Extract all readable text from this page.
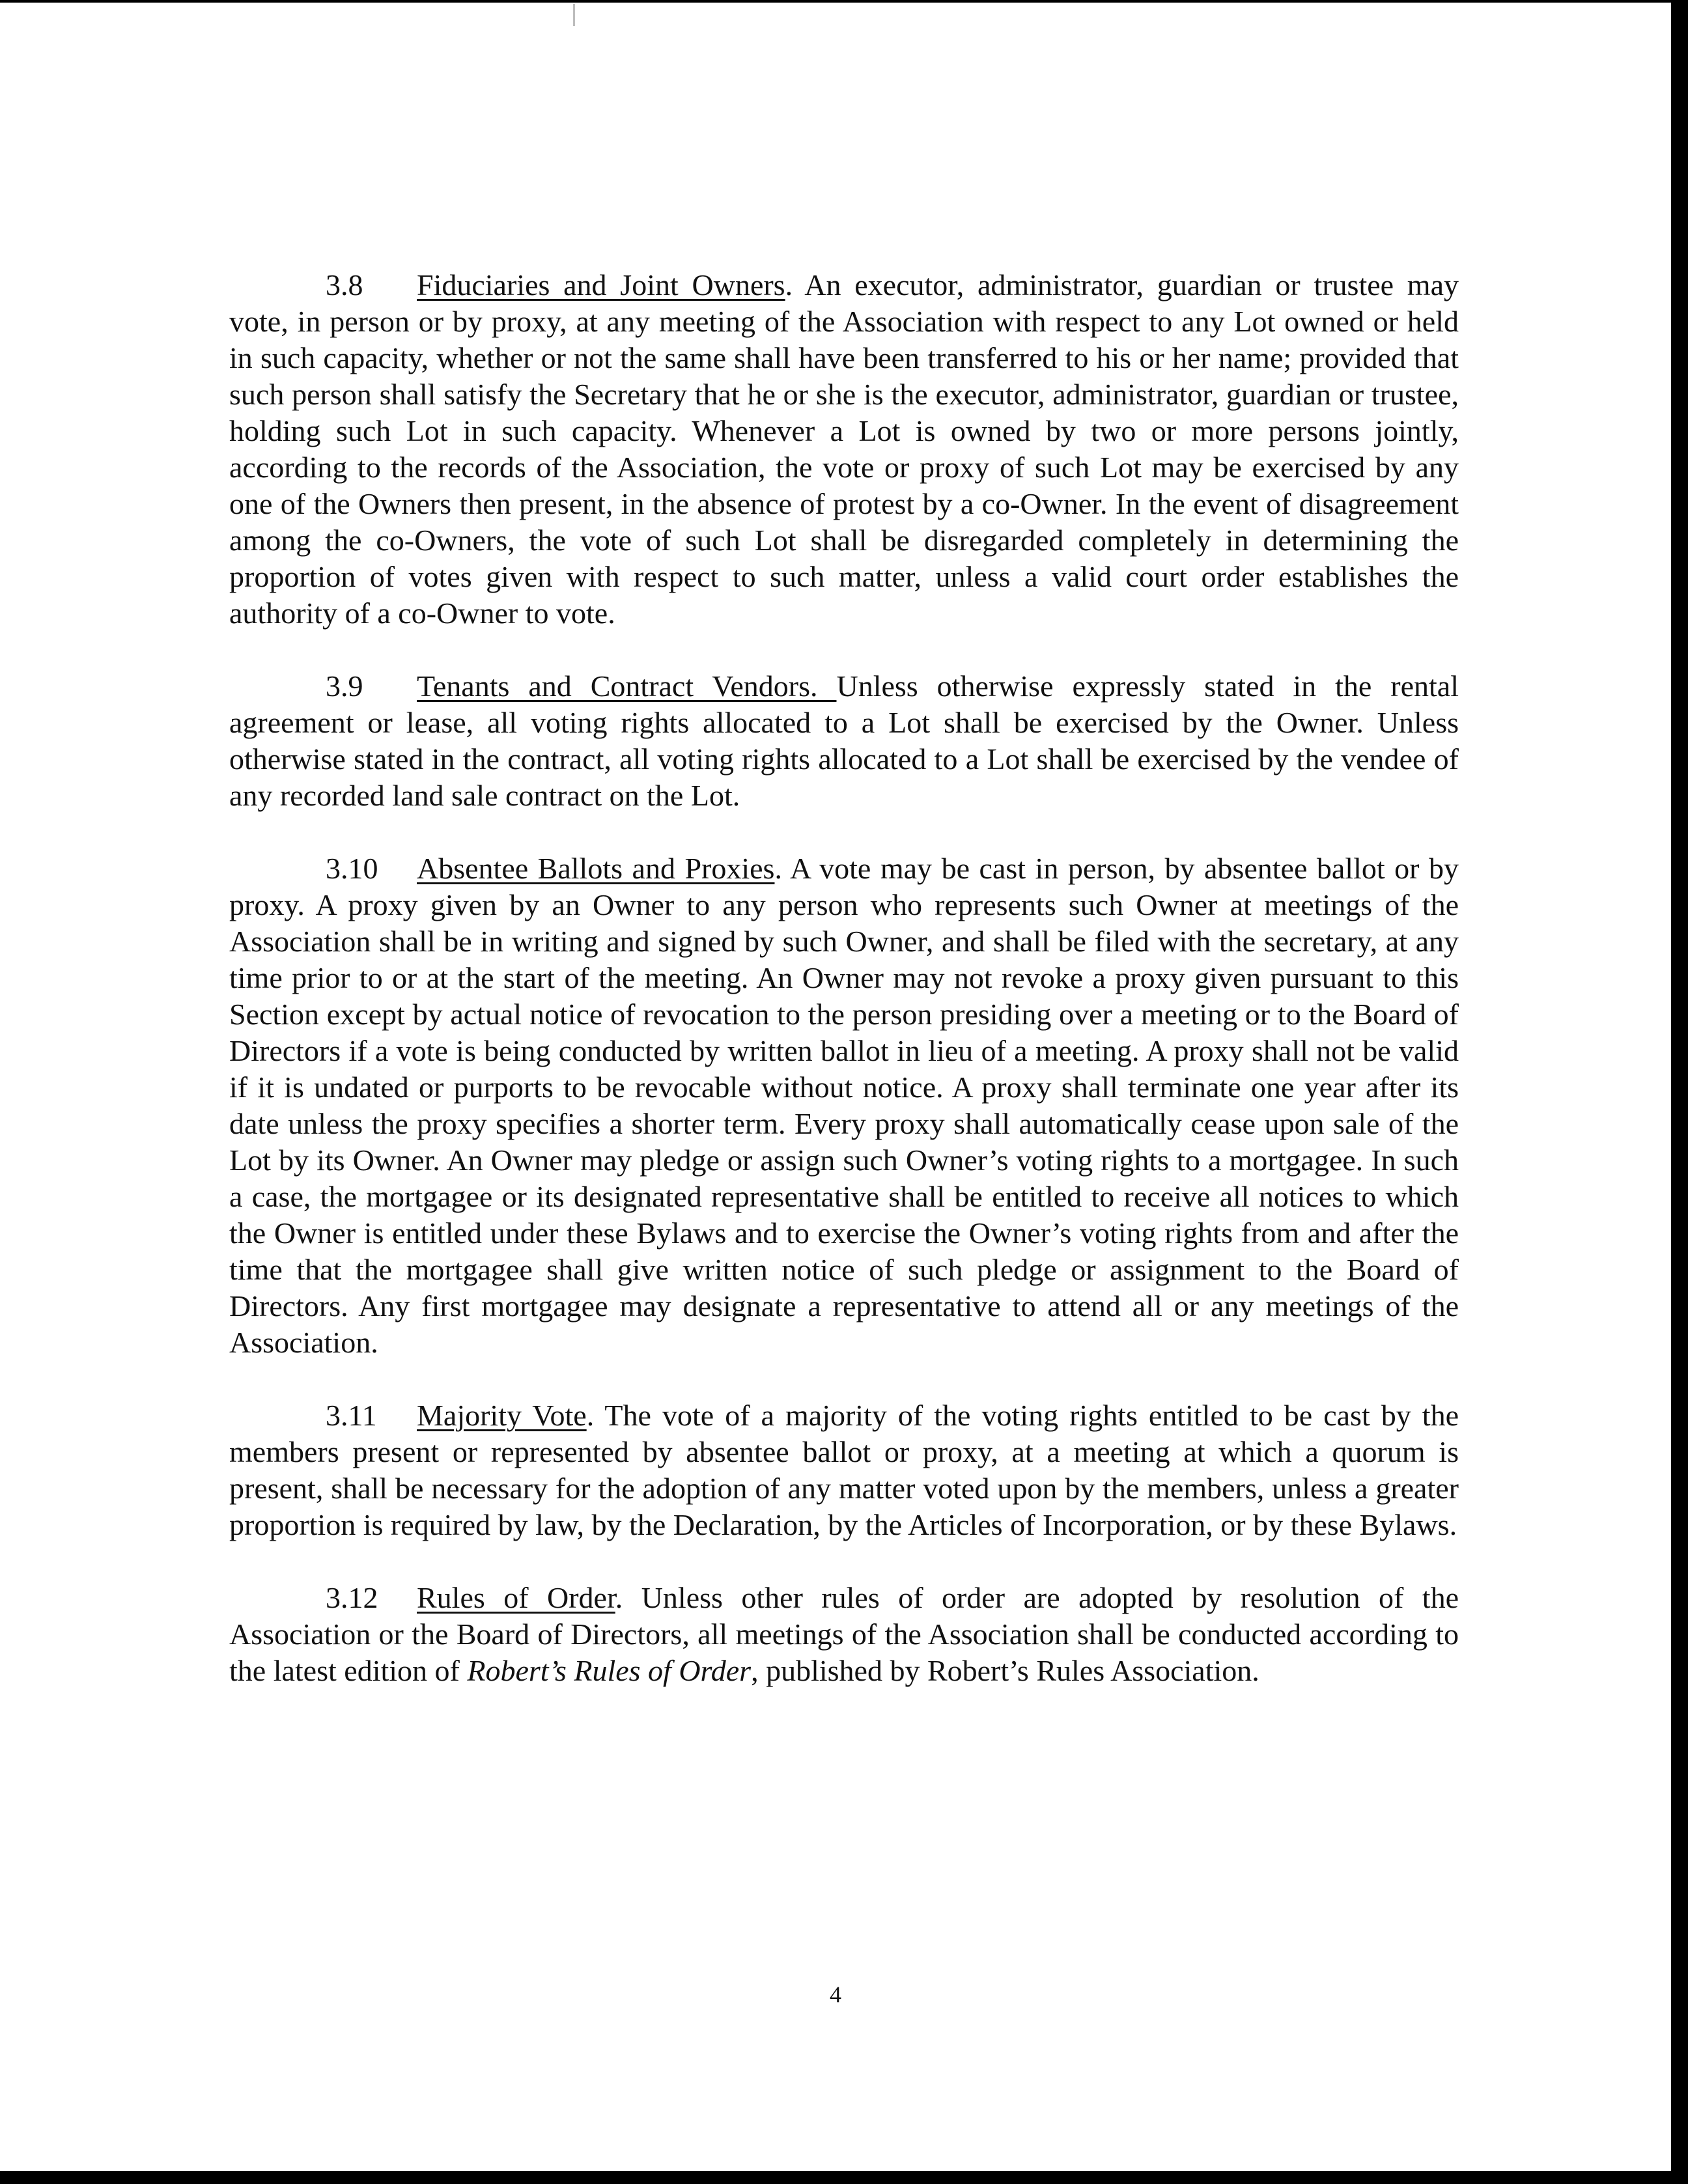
3.8 Fiduciaries and Joint Owners. An executor, administrator, guardian or trustee may vote, in person or by proxy, at any meeting of the Association with respect to any Lot owned or held in such capacity, whether or not the same shall have been transferred to his or her name; provided that such person shall satisfy the Secretary that he or she is the executor, administrator, guardian or trustee, holding such Lot in such capacity. Whenever a Lot is owned by two or more persons jointly, according to the records of the Association, the vote or proxy of such Lot may be exercised by any one of the Owners then present, in the absence of protest by a co-Owner. In the event of disagreement among the co-Owners, the vote of such Lot shall be disregarded completely in determining the proportion of votes given with respect to such matter, unless a valid court order establishes the authority of a co-Owner to vote.

3.9 Tenants and Contract Vendors. Unless otherwise expressly stated in the rental agreement or lease, all voting rights allocated to a Lot shall be exercised by the Owner. Unless otherwise stated in the contract, all voting rights allocated to a Lot shall be exercised by the vendee of any recorded land sale contract on the Lot.

3.10 Absentee Ballots and Proxies. A vote may be cast in person, by absentee ballot or by proxy. A proxy given by an Owner to any person who represents such Owner at meetings of the Association shall be in writing and signed by such Owner, and shall be filed with the secretary, at any time prior to or at the start of the meeting. An Owner may not revoke a proxy given pursuant to this Section except by actual notice of revocation to the person presiding over a meeting or to the Board of Directors if a vote is being conducted by written ballot in lieu of a meeting. A proxy shall not be valid if it is undated or purports to be revocable without notice. A proxy shall terminate one year after its date unless the proxy specifies a shorter term. Every proxy shall automatically cease upon sale of the Lot by its Owner. An Owner may pledge or assign such Owner’s voting rights to a mortgagee. In such a case, the mortgagee or its designated representative shall be entitled to receive all notices to which the Owner is entitled under these Bylaws and to exercise the Owner’s voting rights from and after the time that the mortgagee shall give written notice of such pledge or assignment to the Board of Directors. Any first mortgagee may designate a representative to attend all or any meetings of the Association.

3.11 Majority Vote. The vote of a majority of the voting rights entitled to be cast by the members present or represented by absentee ballot or proxy, at a meeting at which a quorum is present, shall be necessary for the adoption of any matter voted upon by the members, unless a greater proportion is required by law, by the Declaration, by the Articles of Incorporation, or by these Bylaws.

3.12 Rules of Order. Unless other rules of order are adopted by resolution of the Association or the Board of Directors, all meetings of the Association shall be conducted according to the latest edition of Robert’s Rules of Order, published by Robert’s Rules Association.

4
